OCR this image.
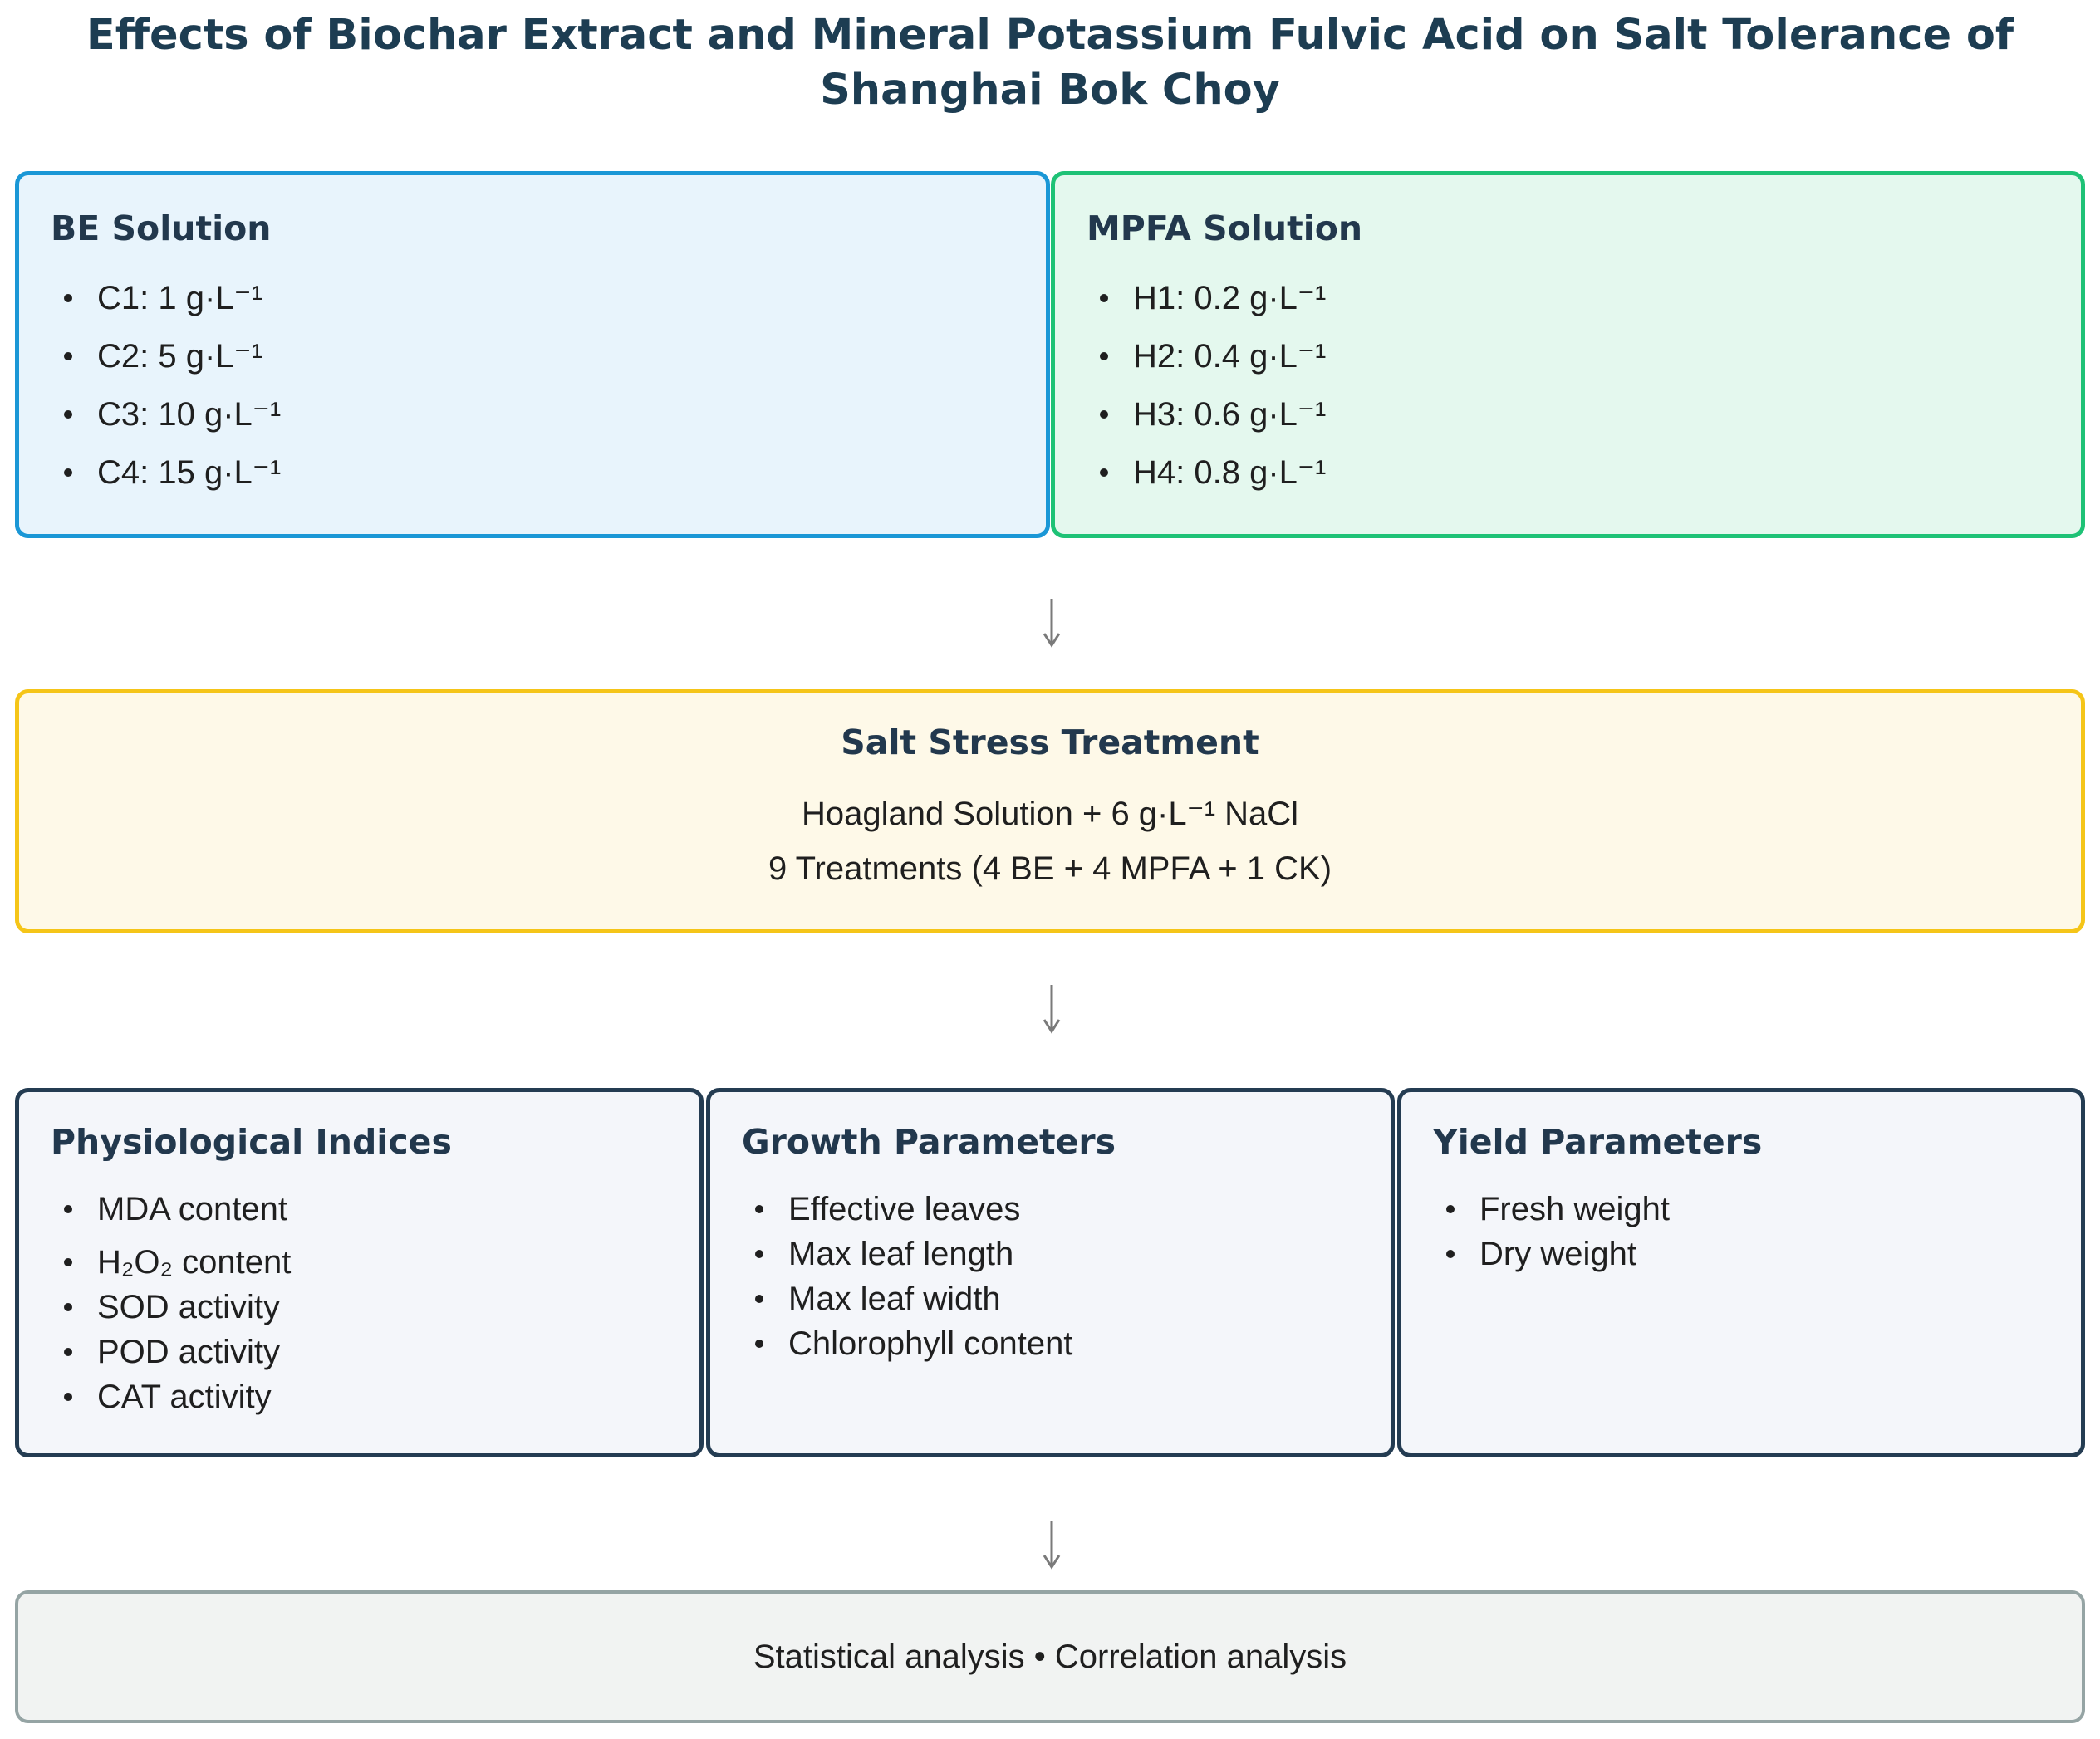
Effects of Biochar Extract and Mineral Potassium Fulvic Acid on Salt Tolerance of
Shanghai Bok Choy
BE Solution
C1: 1 g·L⁻¹
C2: 5 g·L⁻¹
C3: 10 g·L⁻¹
C4: 15 g·L⁻¹
MPFA Solution
H1: 0.2 g·L⁻¹
H2: 0.4 g·L⁻¹
H3: 0.6 g·L⁻¹
H4: 0.8 g·L⁻¹
Salt Stress Treatment
Hoagland Solution + 6 g·L⁻¹ NaCl
9 Treatments (4 BE + 4 MPFA + 1 CK)
Physiological Indices
MDA content
H₂O₂ content
SOD activity
POD activity
CAT activity
Growth Parameters
Effective leaves
Max leaf length
Max leaf width
Chlorophyll content
Yield Parameters
Fresh weight
Dry weight
Statistical analysis • Correlation analysis
